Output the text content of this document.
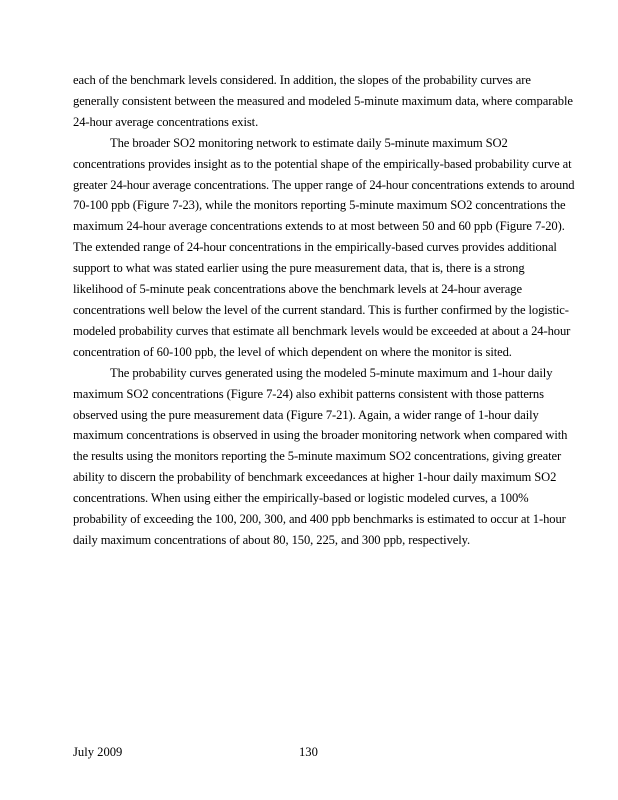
each of the benchmark levels considered. In addition, the slopes of the probability curves are generally consistent between the measured and modeled 5-minute maximum data, where comparable 24-hour average concentrations exist.

The broader SO2 monitoring network to estimate daily 5-minute maximum SO2 concentrations provides insight as to the potential shape of the empirically-based probability curve at greater 24-hour average concentrations. The upper range of 24-hour concentrations extends to around 70-100 ppb (Figure 7-23), while the monitors reporting 5-minute maximum SO2 concentrations the maximum 24-hour average concentrations extends to at most between 50 and 60 ppb (Figure 7-20). The extended range of 24-hour concentrations in the empirically-based curves provides additional support to what was stated earlier using the pure measurement data, that is, there is a strong likelihood of 5-minute peak concentrations above the benchmark levels at 24-hour average concentrations well below the level of the current standard. This is further confirmed by the logistic-modeled probability curves that estimate all benchmark levels would be exceeded at about a 24-hour concentration of 60-100 ppb, the level of which dependent on where the monitor is sited.

The probability curves generated using the modeled 5-minute maximum and 1-hour daily maximum SO2 concentrations (Figure 7-24) also exhibit patterns consistent with those patterns observed using the pure measurement data (Figure 7-21). Again, a wider range of 1-hour daily maximum concentrations is observed in using the broader monitoring network when compared with the results using the monitors reporting the 5-minute maximum SO2 concentrations, giving greater ability to discern the probability of benchmark exceedances at higher 1-hour daily maximum SO2 concentrations. When using either the empirically-based or logistic modeled curves, a 100% probability of exceeding the 100, 200, 300, and 400 ppb benchmarks is estimated to occur at 1-hour daily maximum concentrations of about 80, 150, 225, and 300 ppb, respectively.

July 2009	130
